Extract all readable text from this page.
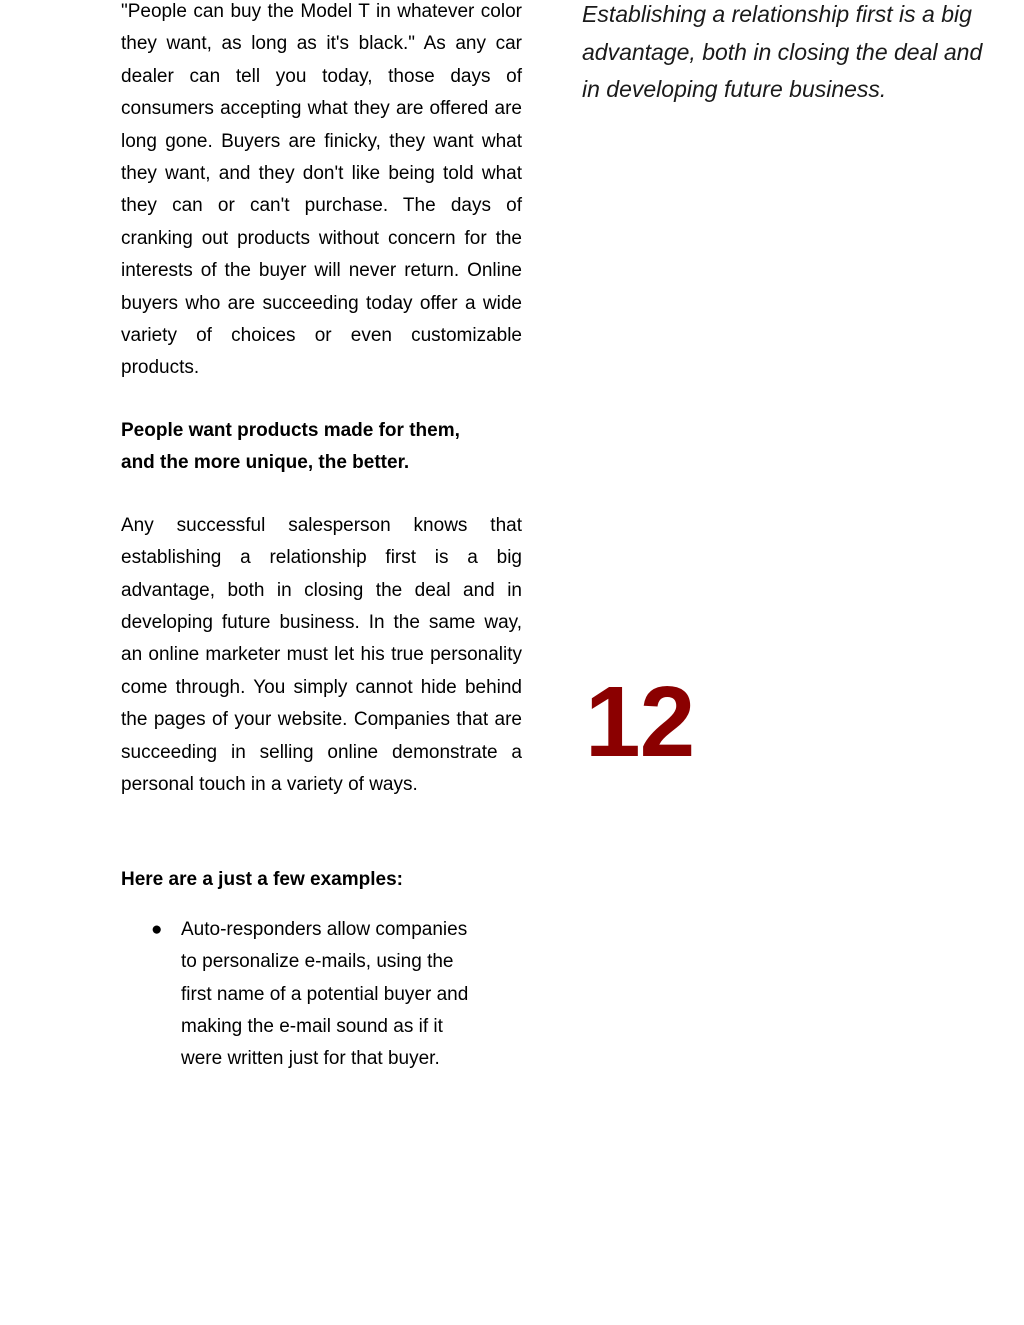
"People can buy the Model T in whatever color they want, as long as it's black." As any car dealer can tell you today, those days of consumers accepting what they are offered are long gone. Buyers are finicky, they want what they want, and they don't like being told what they can or can't purchase. The days of cranking out products without concern for the interests of the buyer will never return. Online buyers who are succeeding today offer a wide variety of choices or even customizable products.

People want products made for them, and the more unique, the better.

Any successful salesperson knows that establishing a relationship first is a big advantage, both in closing the deal and in developing future business. In the same way, an online marketer must let his true personality come through. You simply cannot hide behind the pages of your website. Companies that are succeeding in selling online demonstrate a personal touch in a variety of ways.

Here are a just a few examples:

● Auto-responders allow companies to personalize e-mails, using the first name of a potential buyer and making the e-mail sound as if it were written just for that buyer.

Establishing a relationship first is a big advantage, both in closing the deal and in developing future business.

12
